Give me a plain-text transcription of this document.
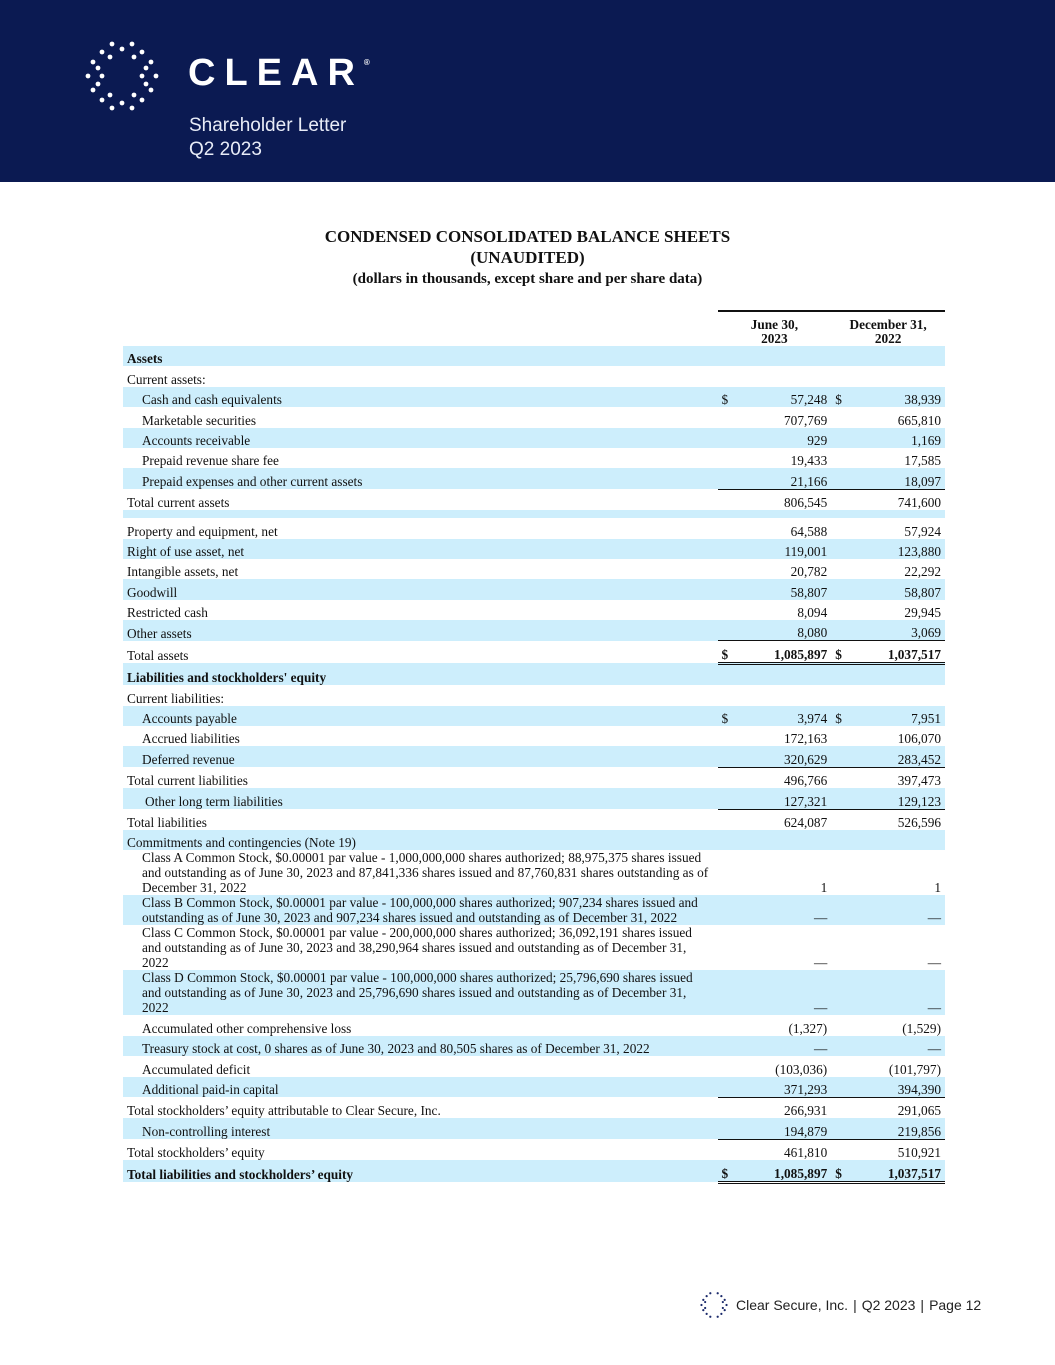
CLEAR®
Shareholder Letter
Q2 2023
CONDENSED CONSOLIDATED BALANCE SHEETS
(UNAUDITED)
(dollars in thousands, except share and per share data)
	June 30,
2023		December 31,
2022	
Assets				
Current assets:				
Cash and cash equivalents	$	57,248	$	38,939
Marketable securities		707,769		665,810
Accounts receivable		929		1,169
Prepaid revenue share fee		19,433		17,585
Prepaid expenses and other current assets		21,166		18,097
Total current assets		806,545		741,600

Property and equipment, net		64,588		57,924
Right of use asset, net		119,001		123,880
Intangible assets, net		20,782		22,292
Goodwill		58,807		58,807
Restricted cash		8,094		29,945
Other assets		8,080		3,069
Total assets	$	1,085,897	$	1,037,517
Liabilities and stockholders' equity				
Current liabilities:				
Accounts payable	$	3,974	$	7,951
Accrued liabilities		172,163		106,070
Deferred revenue		320,629		283,452
Total current liabilities		496,766		397,473
Other long term liabilities		127,321		129,123
Total liabilities		624,087		526,596
Commitments and contingencies (Note 19)				
Class A Common Stock, $0.00001 par value - 1,000,000,000 shares authorized; 88,975,375 shares issued and outstanding as of June 30, 2023 and 87,841,336 shares issued and 87,760,831 shares outstanding as of December 31, 2022		1		1
Class B Common Stock, $0.00001 par value - 100,000,000 shares authorized; 907,234 shares issued and outstanding as of June 30, 2023 and 907,234 shares issued and outstanding as of December 31, 2022		—		—
Class C Common Stock, $0.00001 par value - 200,000,000 shares authorized; 36,092,191 shares issued and outstanding as of June 30, 2023 and 38,290,964 shares issued and outstanding as of December 31, 2022		—		—
Class D Common Stock, $0.00001 par value - 100,000,000 shares authorized; 25,796,690 shares issued and outstanding as of June 30, 2023 and 25,796,690 shares issued and outstanding as of December 31, 2022		—		—
Accumulated other comprehensive loss		(1,327)		(1,529)
Treasury stock at cost, 0 shares as of June 30, 2023 and 80,505 shares as of December 31, 2022		—		—
Accumulated deficit		(103,036)		(101,797)
Additional paid-in capital		371,293		394,390
Total stockholders’ equity attributable to Clear Secure, Inc.		266,931		291,065
Non-controlling interest		194,879		219,856
Total stockholders’ equity		461,810		510,921
Total liabilities and stockholders’ equity	$	1,085,897	$	1,037,517
Clear Secure, Inc. | Q2 2023 | Page 12
